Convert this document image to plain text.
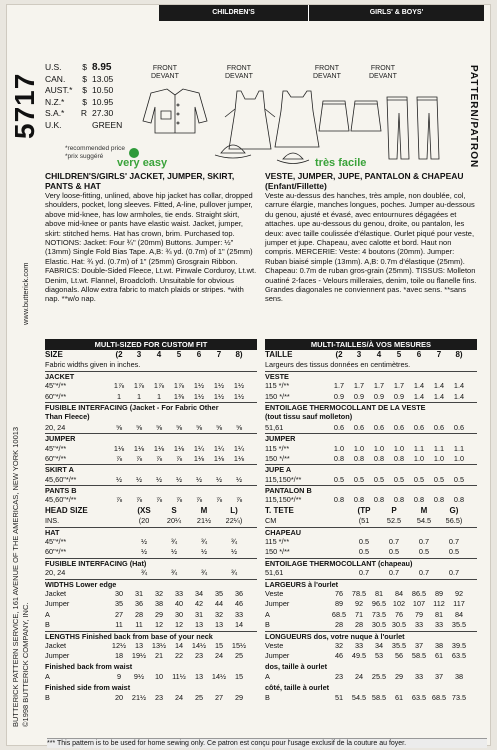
5717
BUTTERICK PATTERN SERVICE, 161 AVENUE OF THE AMERICAS, NEW YORK 10013 ©1998 BUTTERICK COMPANY, INC.
www.butterick.com
CHILDREN'S	GIRLS' & BOYS'
PATTERN/PATRON
U.S.	$ 8.95
CAN.	$ 13.05
AUST.*	$ 10.50
N.Z.*	$ 10.95
S.A.*	R 27.30
U.K.	GREEN
*recommended price
*prix suggéré
FRONT
DEVANT
FRONT
DEVANT
FRONT
DEVANT
FRONT
DEVANT
very easy	très facile
CHILDREN'S/GIRLS' JACKET, JUMPER, SKIRT, PANTS & HAT
Very loose-fitting, unlined, above hip jacket has collar, dropped shoulders, pocket, long sleeves. Fitted, A-line, pullover jumper, above mid-knee, has low armholes, tie ends. Straight skirt, above mid-knee or pants have elastic waist. Jacket, jumper, skirt: stitched hems. Hat has crown, brim. Purchased top. NOTIONS: Jacket: Four ¾" (20mm) Buttons. Jumper: ½" (13mm) Single Fold Bias Tape. A,B: ¾ yd. (0.7m) of 1" (25mm) Elastic. Hat: ¾ yd. (0.7m) of 1" (25mm) Grosgrain Ribbon. FABRICS: Double-Sided Fleece, Lt.wt. Pinwale Corduroy, Lt.wt. Denim, Lt.wt. Flannel, Broadcloth. Unsuitable for obvious diagonals. Allow extra fabric to match plaids or stripes. *with nap. **w/o nap.
VESTE, JUMPER, JUPE, PANTALON & CHAPEAU (Enfant/Fillette)
Veste au-dessus des hanches, très ample, non doublée, col, carrure élargie, manches longues, poches. Jumper au-dessous du genou, ajusté et évasé, avec entournures dégagées et attaches. upe au-dessous du genou, droite, ou pantalon, les deux: avec taille coulissée d'élastique. Ourlet piqué pour veste, jumper et jupe. Chapeau, avec calotte et bord. Haut non compris. MERCERIE: Veste: 4 boutons (20mm). Jumper: Ruban biaisé simple (13mm). A,B: 0.7m d'élastique (25mm). Chapeau: 0.7m de ruban gros-grain (25mm). TISSUS: Molleton ouatiné 2-faces - Velours milleraies, denim, toile ou flanelle fins. Grandes diagonales ne conviennent pas. *avec sens. **sans sens.
MULTI-SIZED FOR CUSTOM FIT
SIZE	(2	3	4	5	6	7	8)
Fabric widths given in inches.
JACKET
45"*/**	1⅞	1⅞	1⅞	1⅞	1½	1½	1½
60"*/**	1	1	1	1⅜	1½	1½	1½
FUSIBLE INTERFACING (Jacket - For Fabric Other
Than Fleece)
20, 24	⅝	⅝	⅝	⅝	⅝	⅝	⅝
JUMPER
45"*/**	1⅛	1⅛	1⅛	1⅛	1¼	1¼	1¼
60"*/**	⅞	⅞	⅞	⅞	1⅛	1⅛	1⅛
SKIRT A
45,60"*/**	½	½	½	½	½	½	½
PANTS B
45,60"*/**	⅞	⅞	⅞	⅞	⅞	⅞	⅞
HEAD SIZE	(XS	S	M	L)
INS.	(20	20¼	21½	22¼)
HAT
45"*/**	½	¾	¾	¾
60"*/**	½	½	½	½
FUSIBLE INTERFACING (Hat)
20, 24	¾	¾	¾	¾
WIDTHS Lower edge
Jacket	30	31	32	33	34	35	36
Jumper	35	36	38	40	42	44	46
A	27	28	29	30	31	32	33
B	11	11	12	12	13	13	14
LENGTHS Finished back from base of your neck
Jacket	12½	13	13½	14	14½	15	15½
Jumper	18	19½	21	22	23	24	25
Finished back from waist
A	9	9½	10	11½	13	14½	15
Finished side from waist
B	20	21½	23	24	25	27	29
MULTI-TAILLES/À VOS MESURES
TAILLE	(2	3	4	5	6	7	8)
Largeurs des tissus données en centimètres.
VESTE
115 */**	1.7	1.7	1.7	1.7	1.4	1.4	1.4
150 */**	0.9	0.9	0.9	0.9	1.4	1.4	1.4
ENTOILAGE THERMOCOLLANT DE LA VESTE
(tout tissu sauf molleton)
51,61	0.6	0.6	0.6	0.6	0.6	0.6	0.6
JUMPER
115 */**	1.0	1.0	1.0	1.0	1.1	1.1	1.1
150 */**	0.8	0.8	0.8	0.8	1.0	1.0	1.0
JUPE A
115,150*/**	0.5	0.5	0.5	0.5	0.5	0.5	0.5
PANTALON B
115,150*/**	0.8	0.8	0.8	0.8	0.8	0.8	0.8
T. TETE	(TP	P	M	G)
CM	(51	52.5	54.5	56.5)
CHAPEAU
115 */**	0.5	0.7	0.7	0.7
150 */**	0.5	0.5	0.5	0.5
ENTOILAGE THERMOCOLLANT (chapeau)
51,61	0.7	0.7	0.7	0.7
LARGEURS à l'ourlet
Veste	76	78.5	81	84	86.5	89	92
Jumper	89	92	96.5 102	107	112	117
A	68.5	71	73.5	76	79	81	84
B	28	28	30.5 30.5	33	33	35.5
LONGUEURS dos, votre nuque à l'ourlet
Veste	32	33	34	35.5	37	38	39.5
Jumper	46	49.5	53	56	58.5	61	63.5
dos, taille à ourlet
A	23	24	25.5	29	33	37	38
côté, taille à ourlet
B	51	54.5 58.5	61	63.5 68.5 73.5
*** This pattern is to be used for home sewing only. Ce patron est conçu pour l'usage exclusif de la couture au foyer.
